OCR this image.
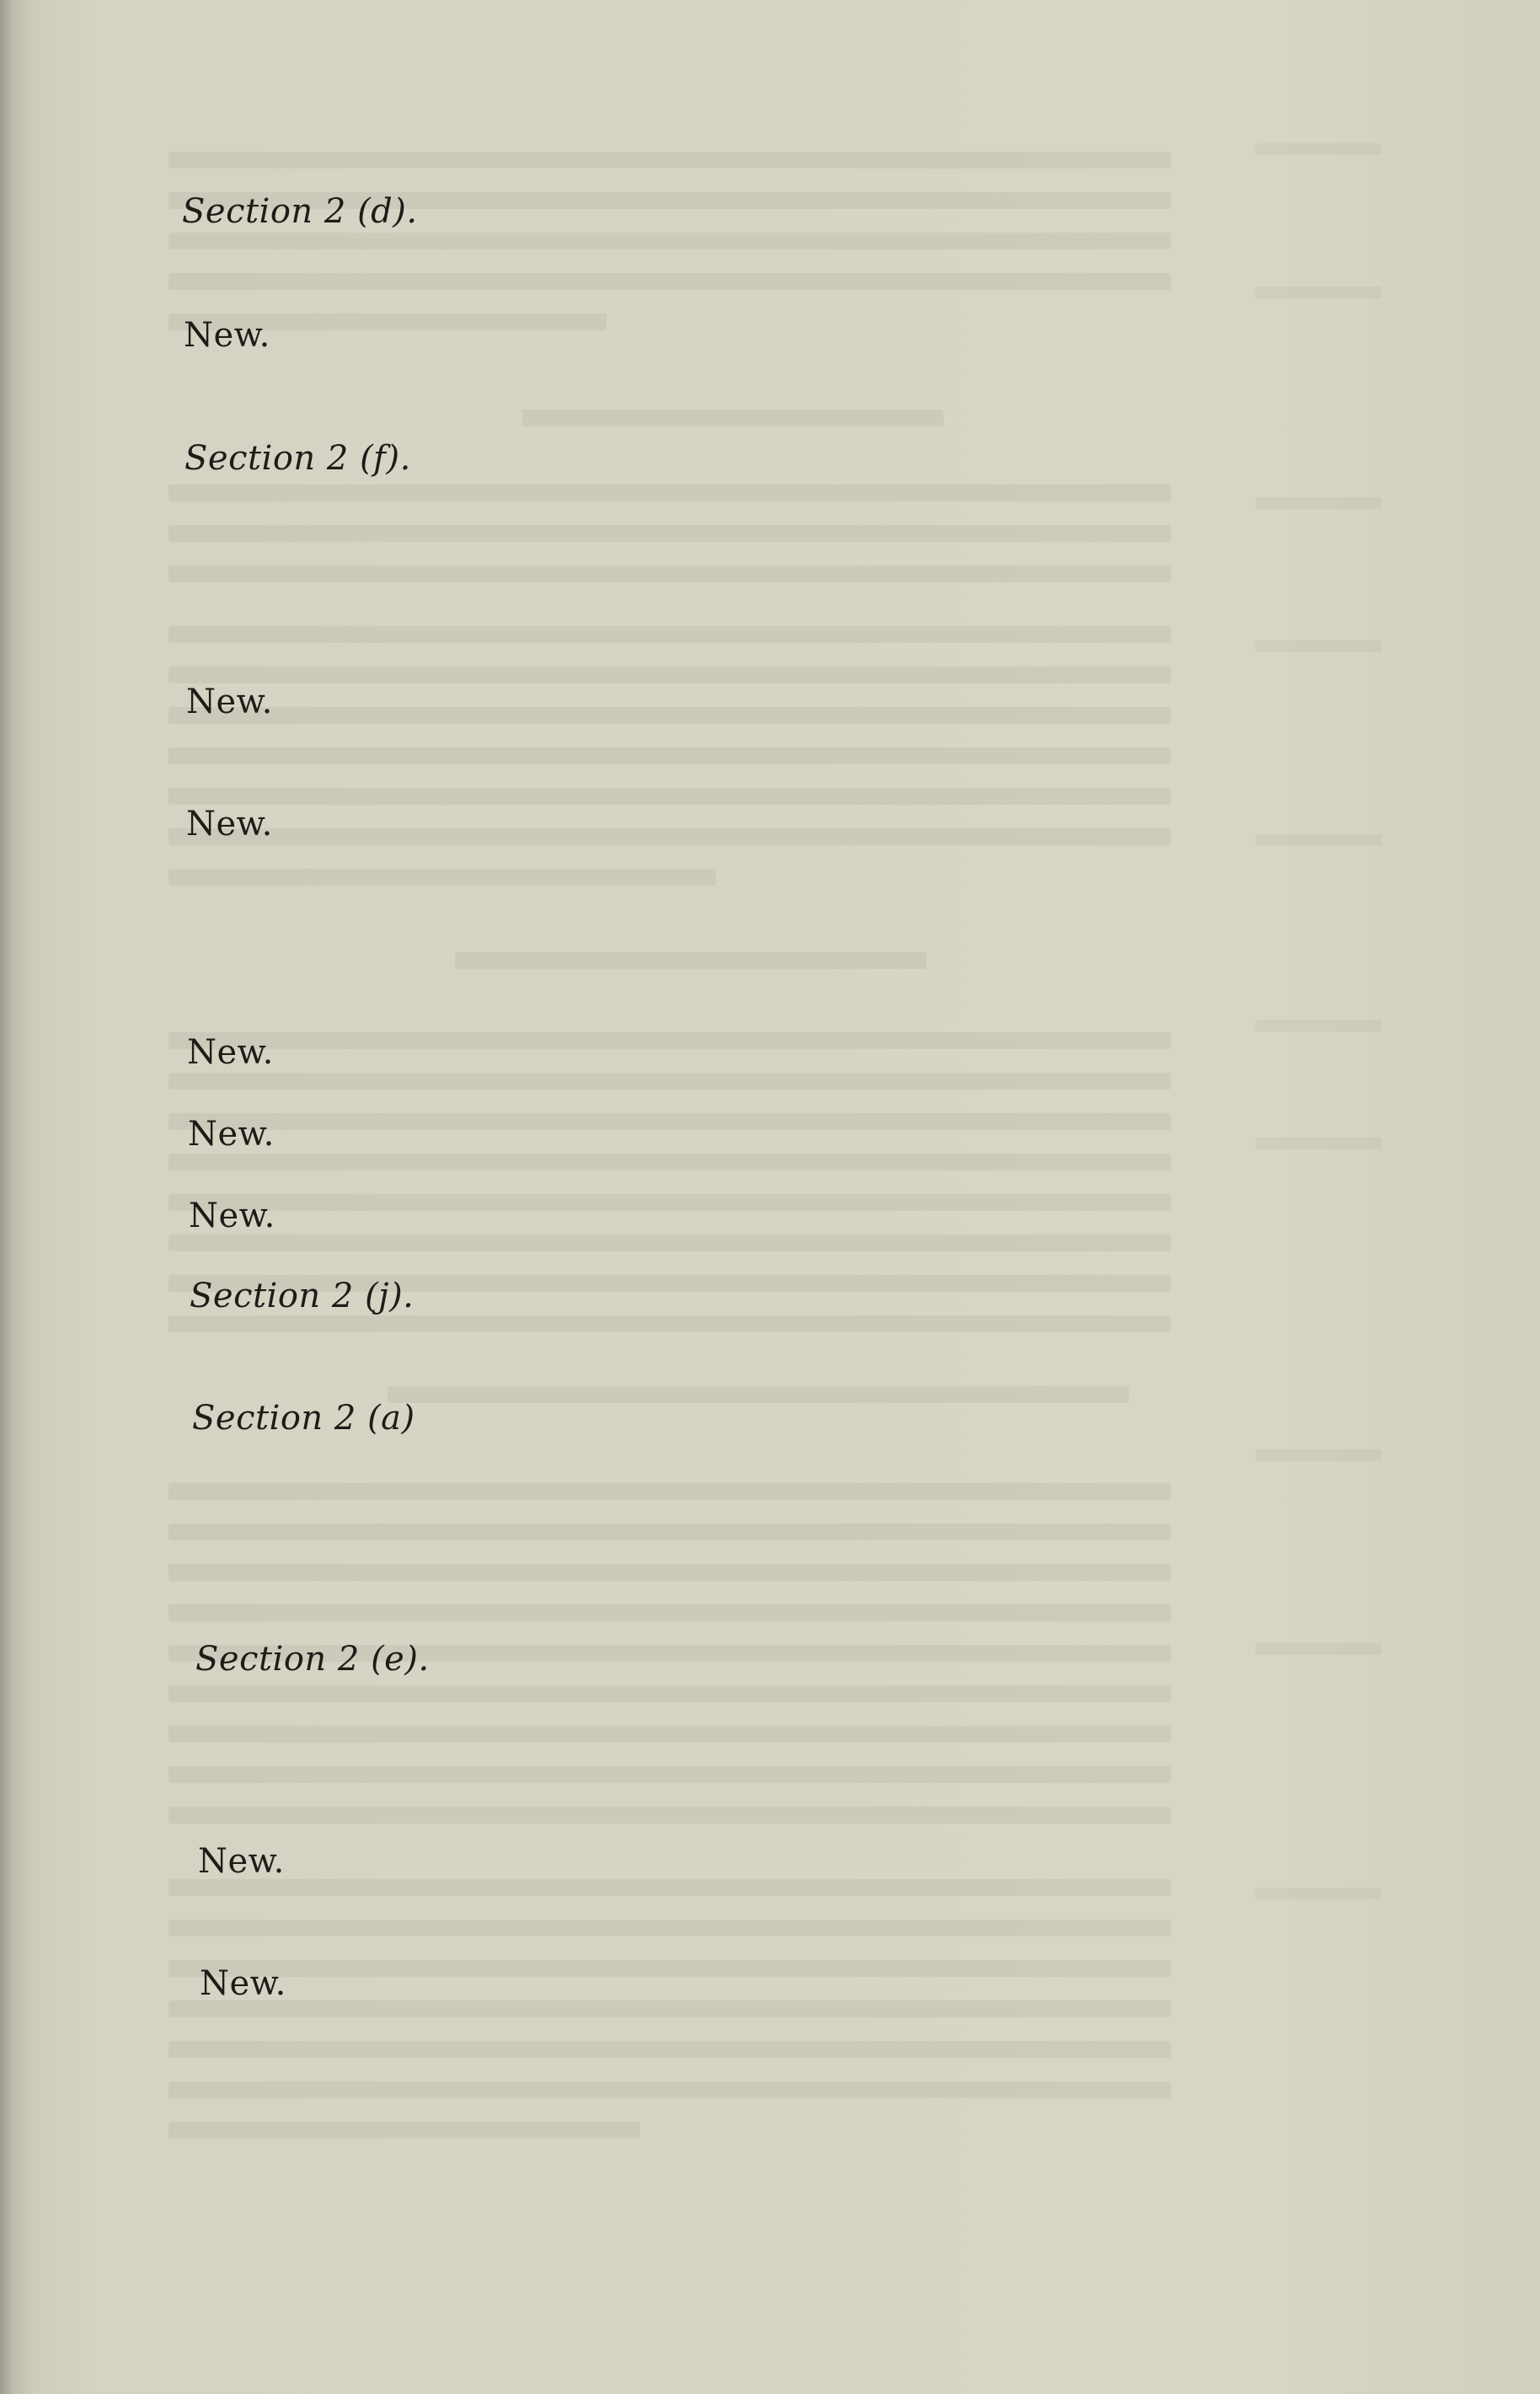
Section 2 (d).
New.
Section 2 (f).
New.
New.
New.
New.
New.
Section 2 (j).
Section 2 (a)
Section 2 (e).
New.
New.
